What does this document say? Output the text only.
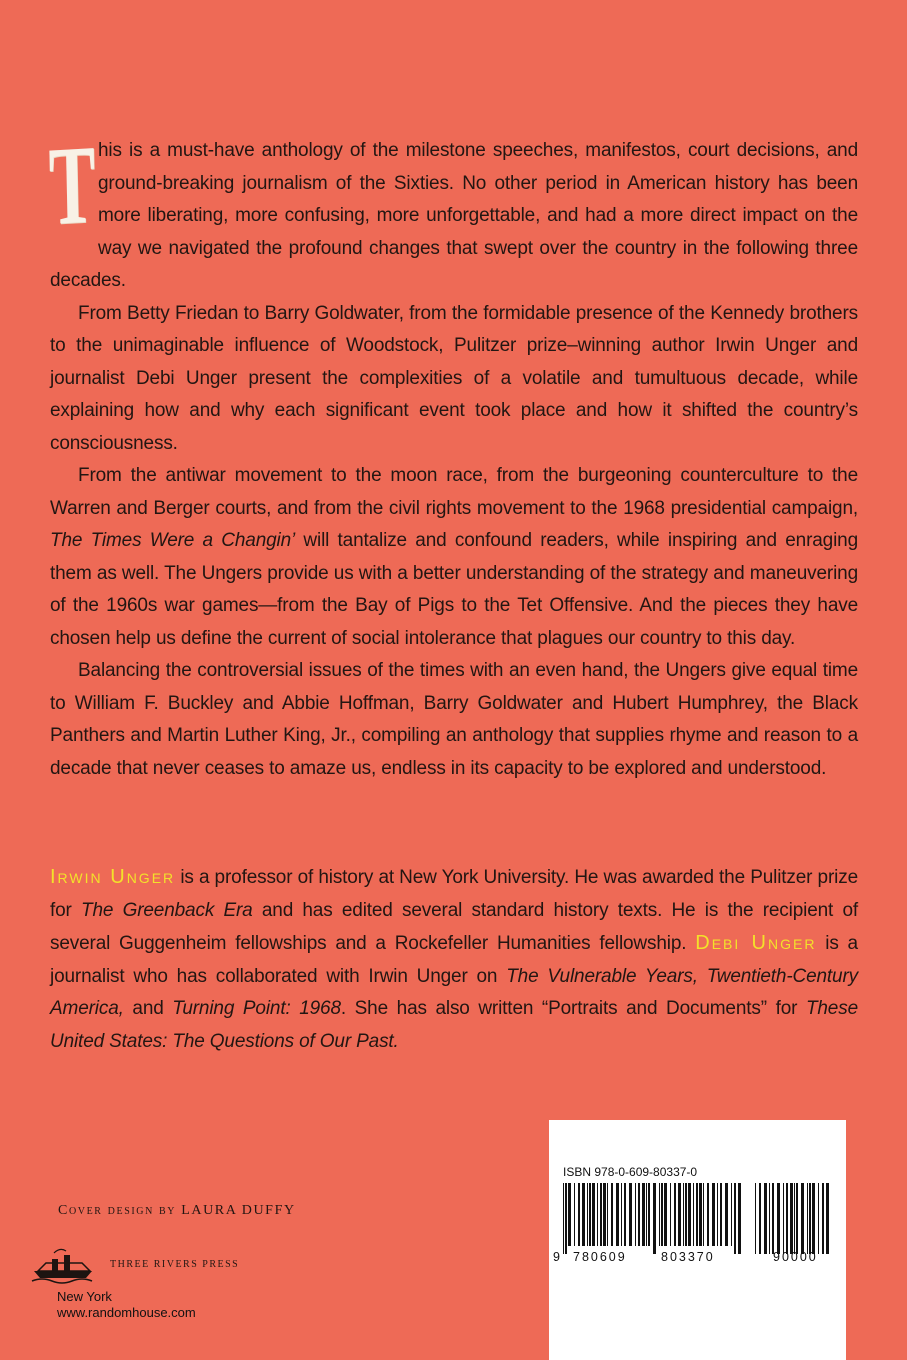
This is a must-have anthology of the milestone speeches, manifestos, court decisions, and ground-breaking journalism of the Sixties. No other period in American history has been more liberating, more confusing, more unforgettable, and had a more direct impact on the way we navigated the profound changes that swept over the country in the following three decades.

From Betty Friedan to Barry Goldwater, from the formidable presence of the Kennedy brothers to the unimaginable influence of Woodstock, Pulitzer prize–winning author Irwin Unger and journalist Debi Unger present the complexities of a volatile and tumultuous decade, while explaining how and why each significant event took place and how it shifted the country’s consciousness.

From the antiwar movement to the moon race, from the burgeoning counterculture to the Warren and Berger courts, and from the civil rights movement to the 1968 presidential campaign, The Times Were a Changin’ will tantalize and confound readers, while inspiring and enraging them as well. The Ungers provide us with a better understanding of the strategy and maneuvering of the 1960s war games—from the Bay of Pigs to the Tet Offensive. And the pieces they have chosen help us define the current of social intolerance that plagues our country to this day.

Balancing the controversial issues of the times with an even hand, the Ungers give equal time to William F. Buckley and Abbie Hoffman, Barry Goldwater and Hubert Humphrey, the Black Panthers and Martin Luther King, Jr., compiling an anthology that supplies rhyme and reason to a decade that never ceases to amaze us, endless in its capacity to be explored and understood.

Irwin Unger is a professor of history at New York University. He was awarded the Pulitzer prize for The Greenback Era and has edited several standard history texts. He is the recipient of several Guggenheim fellowships and a Rockefeller Humanities fellowship. Debi Unger is a journalist who has collaborated with Irwin Unger on The Vulnerable Years, Twentieth-Century America, and Turning Point: 1968. She has also written “Portraits and Documents” for These United States: The Questions of Our Past.

Cover design by LAURA DUFFY
THREE RIVERS PRESS
New York
www.randomhouse.com
ISBN 978-0-609-80337-0
9 780609	803370	90000
